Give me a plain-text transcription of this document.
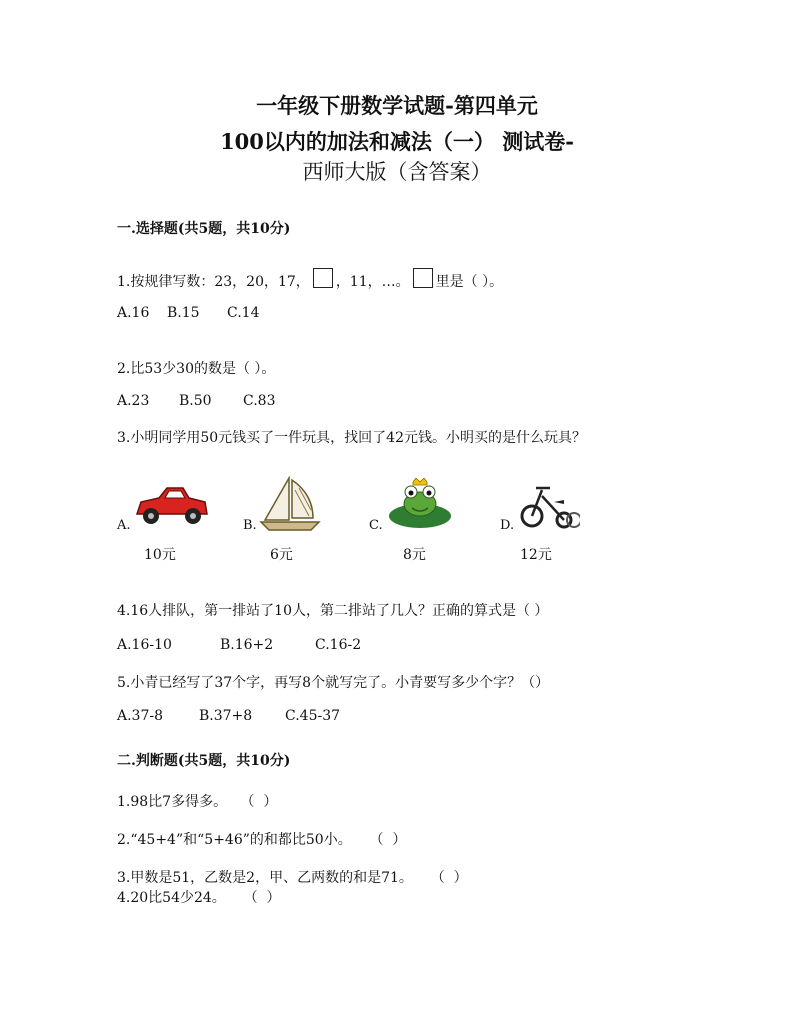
一年级下册数学试题-第四单元
100以内的加法和减法（一） 测试卷-
西师大版（含答案）
一.选择题(共5题，共10分)
1.按规律写数：23，20，17， ，11，…。 里是（ ）。
A.16 B.15 C.14
2.比53少30的数是（ ）。
A.23 B.50 C.83
3.小明同学用50元钱买了一件玩具，找回了42元钱。小明买的是什么玩具？
A.
10元
B.
6元
C.
8元
D.
12元
4.16人排队，第一排站了10人，第二排站了几人？正确的算式是（ ）
A.16-10	B.16+2	C.16-2
5.小青已经写了37个字，再写8个就写完了。小青要写多少个字？（）
A.37-8	B.37+8 C.45-37
二.判断题(共5题，共10分)
1.98比7多得多。   （  ）
2.“45+4”和“5+46”的和都比50小。    （  ）
3.甲数是51，乙数是2，甲、乙两数的和是71。    （  ）
4.20比54少24。    （  ）
